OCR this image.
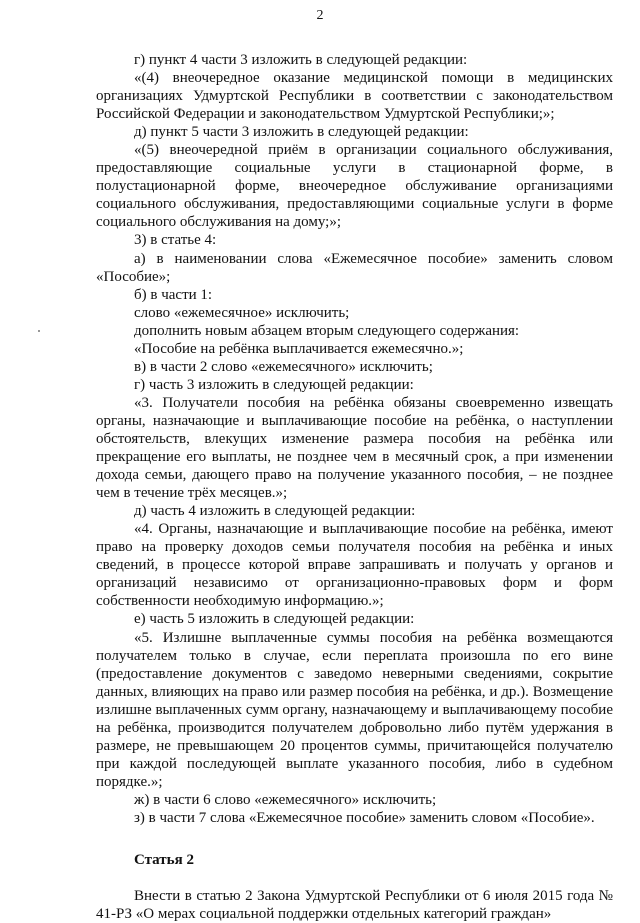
2

г) пункт 4 части 3 изложить в следующей редакции:

«(4) внеочередное оказание медицинской помощи в медицинских организациях Удмуртской Республики в соответствии с законодательством Российской Федерации и законодательством Удмуртской Республики;»;

д) пункт 5 части 3 изложить в следующей редакции:

«(5) внеочередной приём в организации социального обслуживания, предоставляющие социальные услуги в стационарной форме, в полустационарной форме, внеочередное обслуживание организациями социального обслуживания, предоставляющими социальные услуги в форме социального обслуживания на дому;»;

3) в статье 4:

а) в наименовании слова «Ежемесячное пособие» заменить словом «Пособие»;

б) в части 1:

слово «ежемесячное» исключить;

дополнить новым абзацем вторым следующего содержания:

«Пособие на ребёнка выплачивается ежемесячно.»;

в) в части 2 слово «ежемесячного» исключить;

г) часть 3 изложить в следующей редакции:

«3. Получатели пособия на ребёнка обязаны своевременно извещать органы, назначающие и выплачивающие пособие на ребёнка, о наступлении обстоятельств, влекущих изменение размера пособия на ребёнка или прекращение его выплаты, не позднее чем в месячный срок, а при изменении дохода семьи, дающего право на получение указанного пособия, – не позднее чем в течение трёх месяцев.»;

д) часть 4 изложить в следующей редакции:

«4. Органы, назначающие и выплачивающие пособие на ребёнка, имеют право на проверку доходов семьи получателя пособия на ребёнка и иных сведений, в процессе которой вправе запрашивать и получать у органов и организаций независимо от организационно-правовых форм и форм собственности необходимую информацию.»;

е) часть 5 изложить в следующей редакции:

«5. Излишне выплаченные суммы пособия на ребёнка возмещаются получателем только в случае, если переплата произошла по его вине (предоставление документов с заведомо неверными сведениями, сокрытие данных, влияющих на право или размер пособия на ребёнка, и др.). Возмещение излишне выплаченных сумм органу, назначающему и выплачивающему пособие на ребёнка, производится получателем добровольно либо путём удержания в размере, не превышающем 20 процентов суммы, причитающейся получателю при каждой последующей выплате указанного пособия, либо в судебном порядке.»;

ж) в части 6 слово «ежемесячного» исключить;

з) в части 7 слова «Ежемесячное пособие» заменить словом «Пособие».

Статья 2

Внести в статью 2 Закона Удмуртской Республики от 6 июля 2015 года № 41-РЗ «О мерах социальной поддержки отдельных категорий граждан»
